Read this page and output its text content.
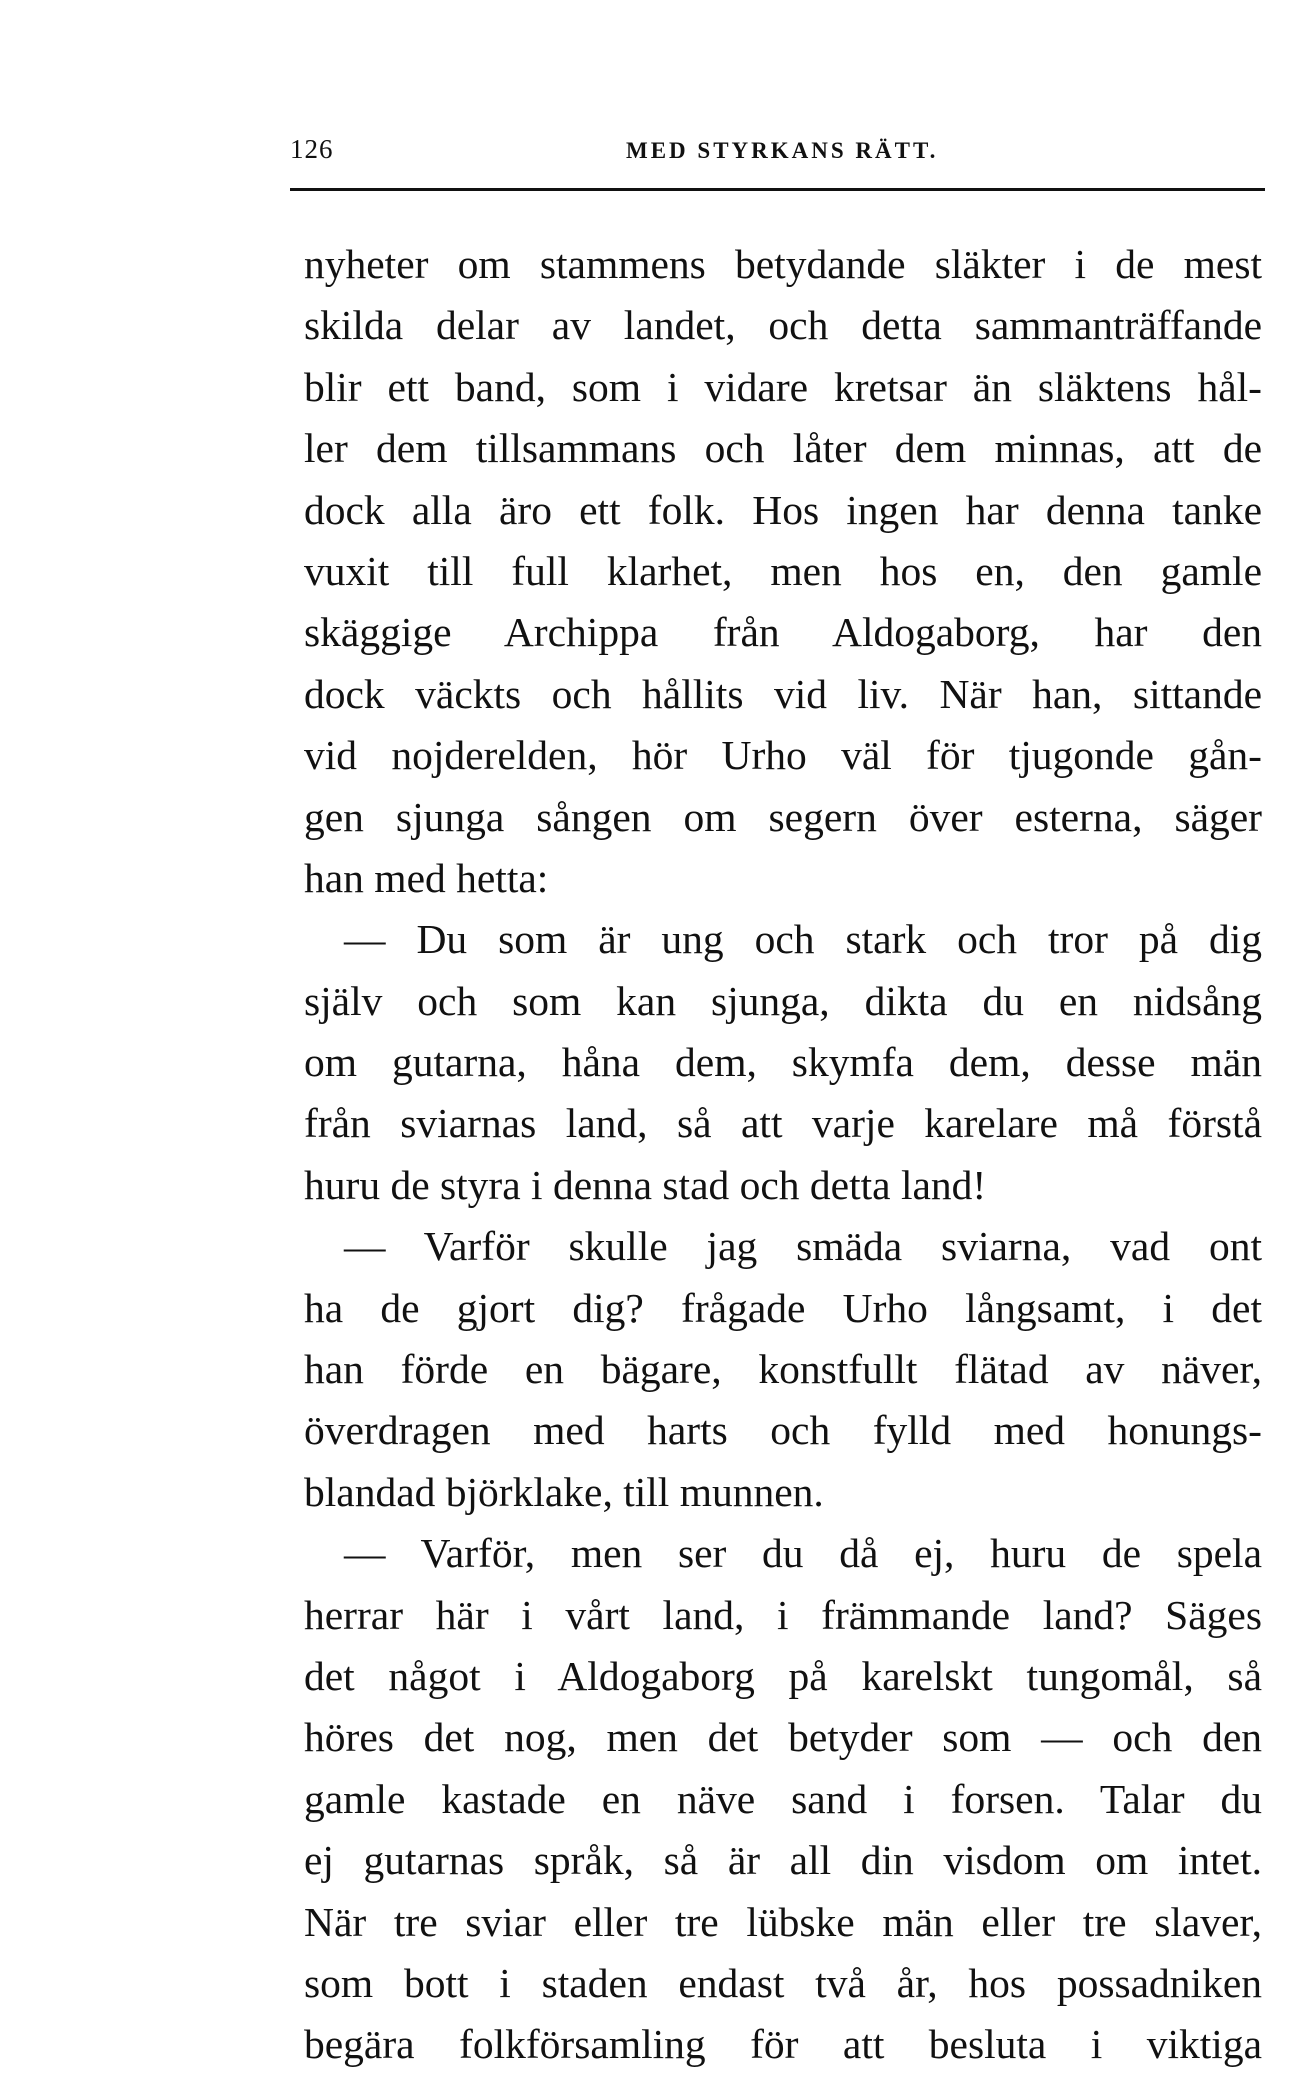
126	MED STYRKANS RÄTT.
nyheter om stammens betydande släkter i de mest
skilda delar av landet, och detta sammanträffande
blir ett band, som i vidare kretsar än släktens hål-
ler dem tillsammans och låter dem minnas, att de
dock alla äro ett folk. Hos ingen har denna tanke
vuxit till full klarhet, men hos en, den gamle
skäggige Archippa från Aldogaborg, har den
dock väckts och hållits vid liv. När han, sittande
vid nojderelden, hör Urho väl för tjugonde gån-
gen sjunga sången om segern över esterna, säger
han med hetta:
— Du som är ung och stark och tror på dig
själv och som kan sjunga, dikta du en nidsång
om gutarna, håna dem, skymfa dem, desse män
från sviarnas land, så att varje karelare må förstå
huru de styra i denna stad och detta land!
— Varför skulle jag smäda sviarna, vad ont
ha de gjort dig? frågade Urho långsamt, i det
han förde en bägare, konstfullt flätad av näver,
överdragen med harts och fylld med honungs-
blandad björklake, till munnen.
— Varför, men ser du då ej, huru de spela
herrar här i vårt land, i främmande land? Säges
det något i Aldogaborg på karelskt tungomål, så
höres det nog, men det betyder som — och den
gamle kastade en näve sand i forsen. Talar du
ej gutarnas språk, så är all din visdom om intet.
När tre sviar eller tre lübske män eller tre slaver,
som bott i staden endast två år, hos possadniken
begära folkförsamling för att besluta i viktiga
